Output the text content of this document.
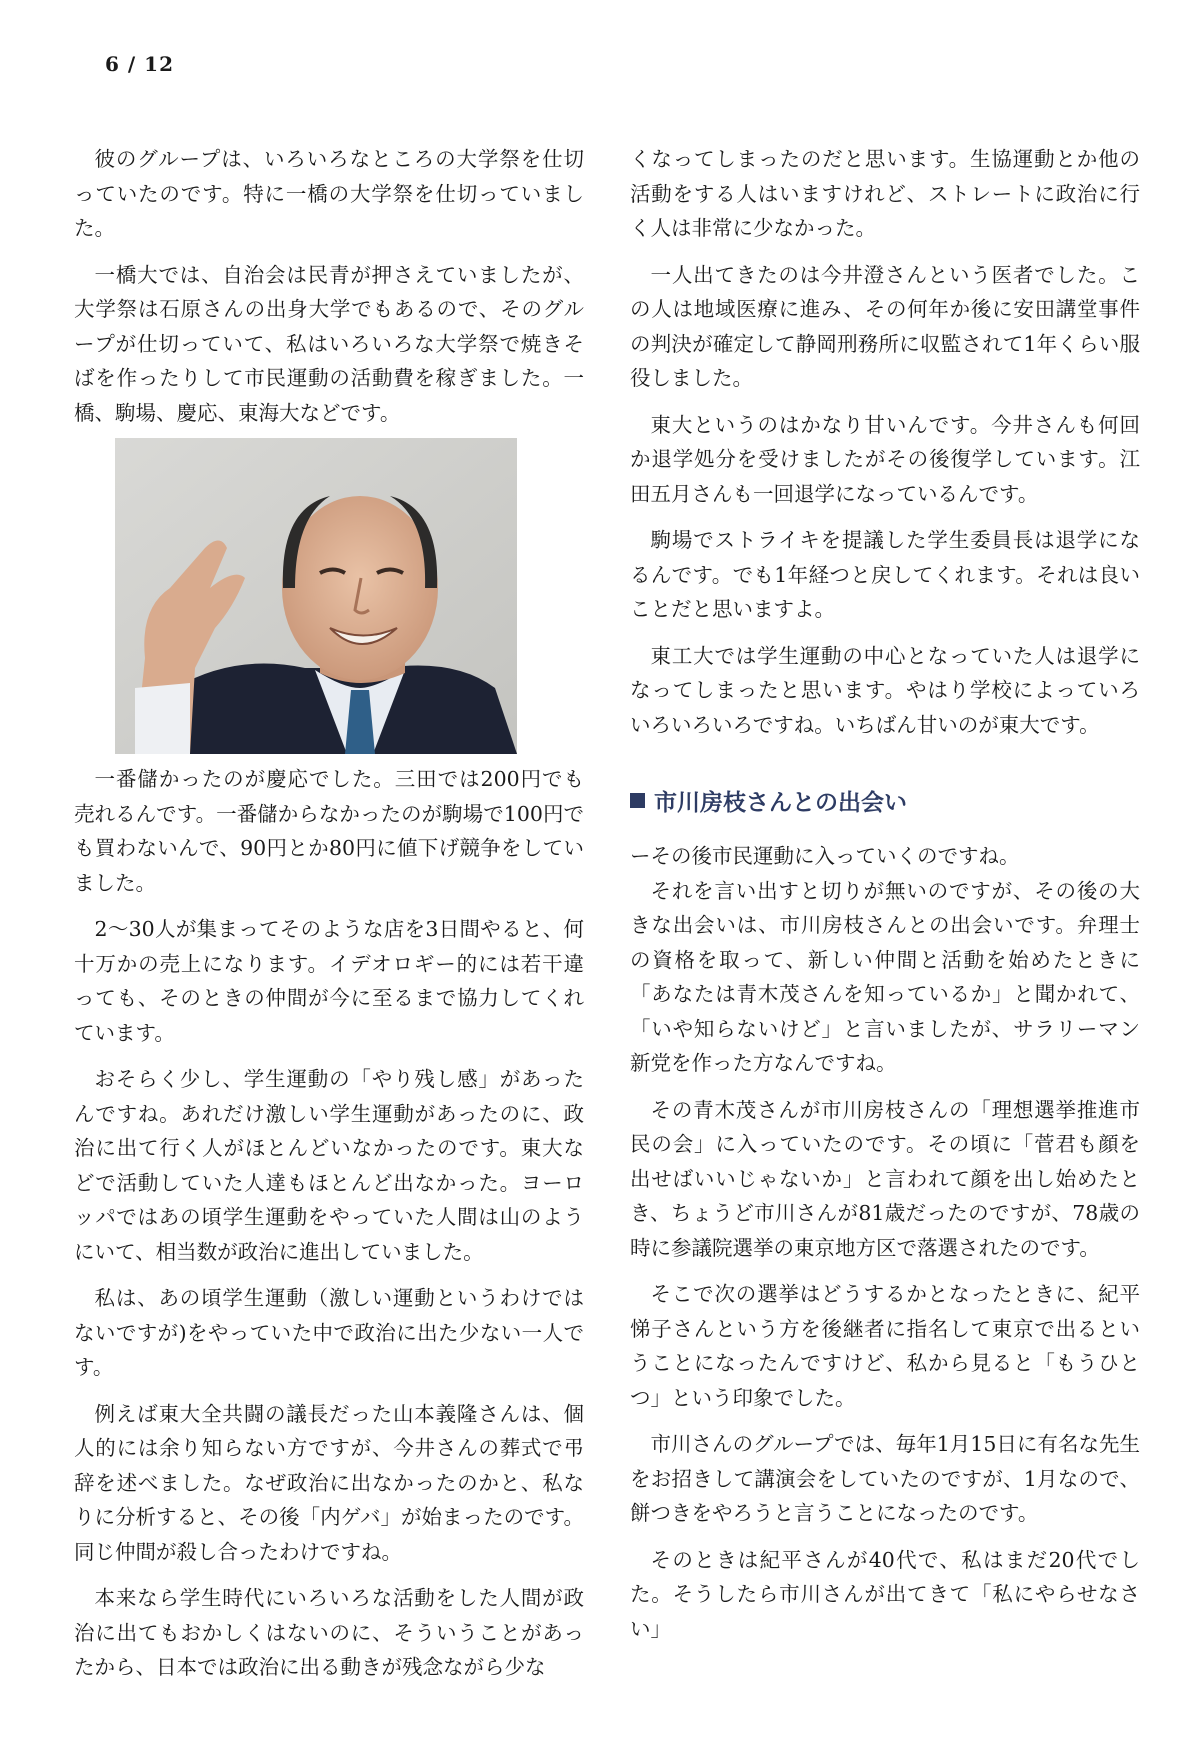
6 / 12

彼のグループは、いろいろなところの大学祭を仕切っていたのです。特に一橋の大学祭を仕切っていました。

一橋大では、自治会は民青が押さえていましたが、大学祭は石原さんの出身大学でもあるので、そのグループが仕切っていて、私はいろいろな大学祭で焼きそばを作ったりして市民運動の活動費を稼ぎました。一橋、駒場、慶応、東海大などです。

一番儲かったのが慶応でした。三田では200円でも売れるんです。一番儲からなかったのが駒場で100円でも買わないんで、90円とか80円に値下げ競争をしていました。

2～30人が集まってそのような店を3日間やると、何十万かの売上になります。イデオロギー的には若干違っても、そのときの仲間が今に至るまで協力してくれています。

おそらく少し、学生運動の「やり残し感」があったんですね。あれだけ激しい学生運動があったのに、政治に出て行く人がほとんどいなかったのです。東大などで活動していた人達もほとんど出なかった。ヨーロッパではあの頃学生運動をやっていた人間は山のようにいて、相当数が政治に進出していました。

私は、あの頃学生運動（激しい運動というわけではないですが)をやっていた中で政治に出た少ない一人です。

例えば東大全共闘の議長だった山本義隆さんは、個人的には余り知らない方ですが、今井さんの葬式で弔辞を述べました。なぜ政治に出なかったのかと、私なりに分析すると、その後「内ゲバ」が始まったのです。同じ仲間が殺し合ったわけですね。

本来なら学生時代にいろいろな活動をした人間が政治に出てもおかしくはないのに、そういうことがあったから、日本では政治に出る動きが残念ながら少な

くなってしまったのだと思います。生協運動とか他の活動をする人はいますけれど、ストレートに政治に行く人は非常に少なかった。

一人出てきたのは今井澄さんという医者でした。この人は地域医療に進み、その何年か後に安田講堂事件の判決が確定して静岡刑務所に収監されて1年くらい服役しました。

東大というのはかなり甘いんです。今井さんも何回か退学処分を受けましたがその後復学しています。江田五月さんも一回退学になっているんです。

駒場でストライキを提議した学生委員長は退学になるんです。でも1年経つと戻してくれます。それは良いことだと思いますよ。

東工大では学生運動の中心となっていた人は退学になってしまったと思います。やはり学校によっていろいろいろいろですね。いちばん甘いのが東大です。

市川房枝さんとの出会い

ーその後市民運動に入っていくのですね。

それを言い出すと切りが無いのですが、その後の大きな出会いは、市川房枝さんとの出会いです。弁理士の資格を取って、新しい仲間と活動を始めたときに「あなたは青木茂さんを知っているか」と聞かれて、「いや知らないけど」と言いましたが、サラリーマン新党を作った方なんですね。

その青木茂さんが市川房枝さんの「理想選挙推進市民の会」に入っていたのです。その頃に「菅君も顔を出せばいいじゃないか」と言われて顔を出し始めたとき、ちょうど市川さんが81歳だったのですが、78歳の時に参議院選挙の東京地方区で落選されたのです。

そこで次の選挙はどうするかとなったときに、紀平悌子さんという方を後継者に指名して東京で出るということになったんですけど、私から見ると「もうひとつ」という印象でした。

市川さんのグループでは、毎年1月15日に有名な先生をお招きして講演会をしていたのですが、1月なので、餅つきをやろうと言うことになったのです。

そのときは紀平さんが40代で、私はまだ20代でした。そうしたら市川さんが出てきて「私にやらせなさい」
